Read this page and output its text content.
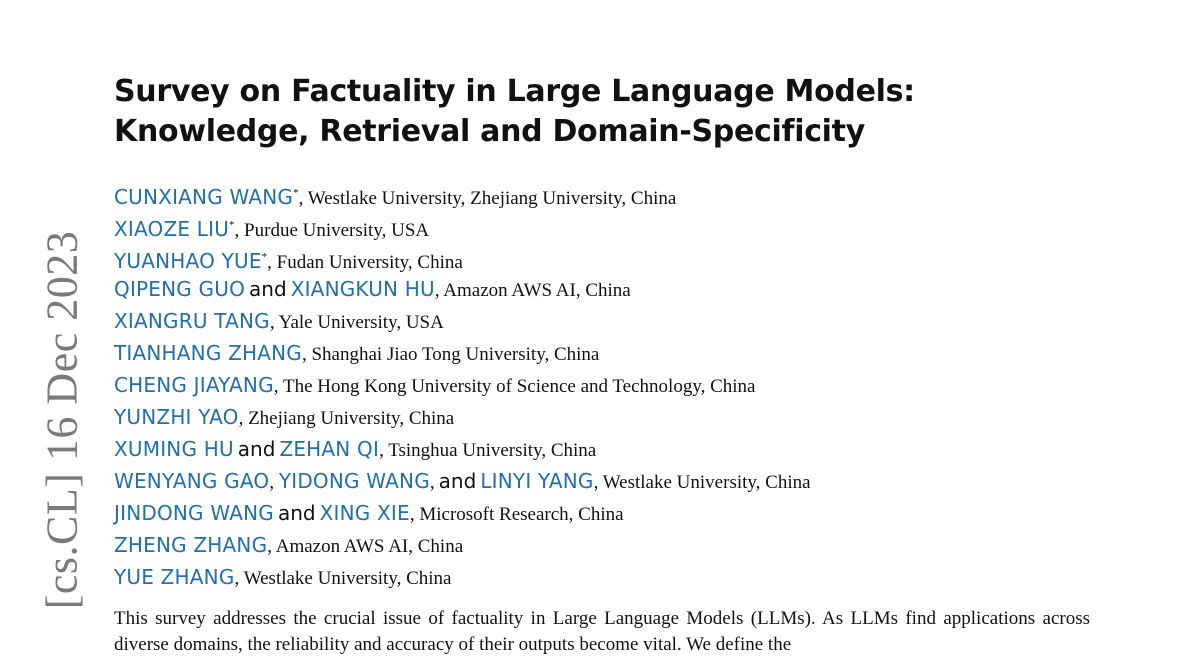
[cs.CL] 16 Dec 2023
Survey on Factuality in Large Language Models: Knowledge, Retrieval and Domain-Specificity
CUNXIANG WANG*, Westlake University, Zhejiang University, China
XIAOZE LIU*, Purdue University, USA
YUANHAO YUE*, Fudan University, China
QIPENG GUO and XIANGKUN HU, Amazon AWS AI, China
XIANGRU TANG, Yale University, USA
TIANHANG ZHANG, Shanghai Jiao Tong University, China
CHENG JIAYANG, The Hong Kong University of Science and Technology, China
YUNZHI YAO, Zhejiang University, China
XUMING HU and ZEHAN QI, Tsinghua University, China
WENYANG GAO, YIDONG WANG, and LINYI YANG, Westlake University, China
JINDONG WANG and XING XIE, Microsoft Research, China
ZHENG ZHANG, Amazon AWS AI, China
YUE ZHANG, Westlake University, China
This survey addresses the crucial issue of factuality in Large Language Models (LLMs). As LLMs find applications across diverse domains, the reliability and accuracy of their outputs become vital. We define the
